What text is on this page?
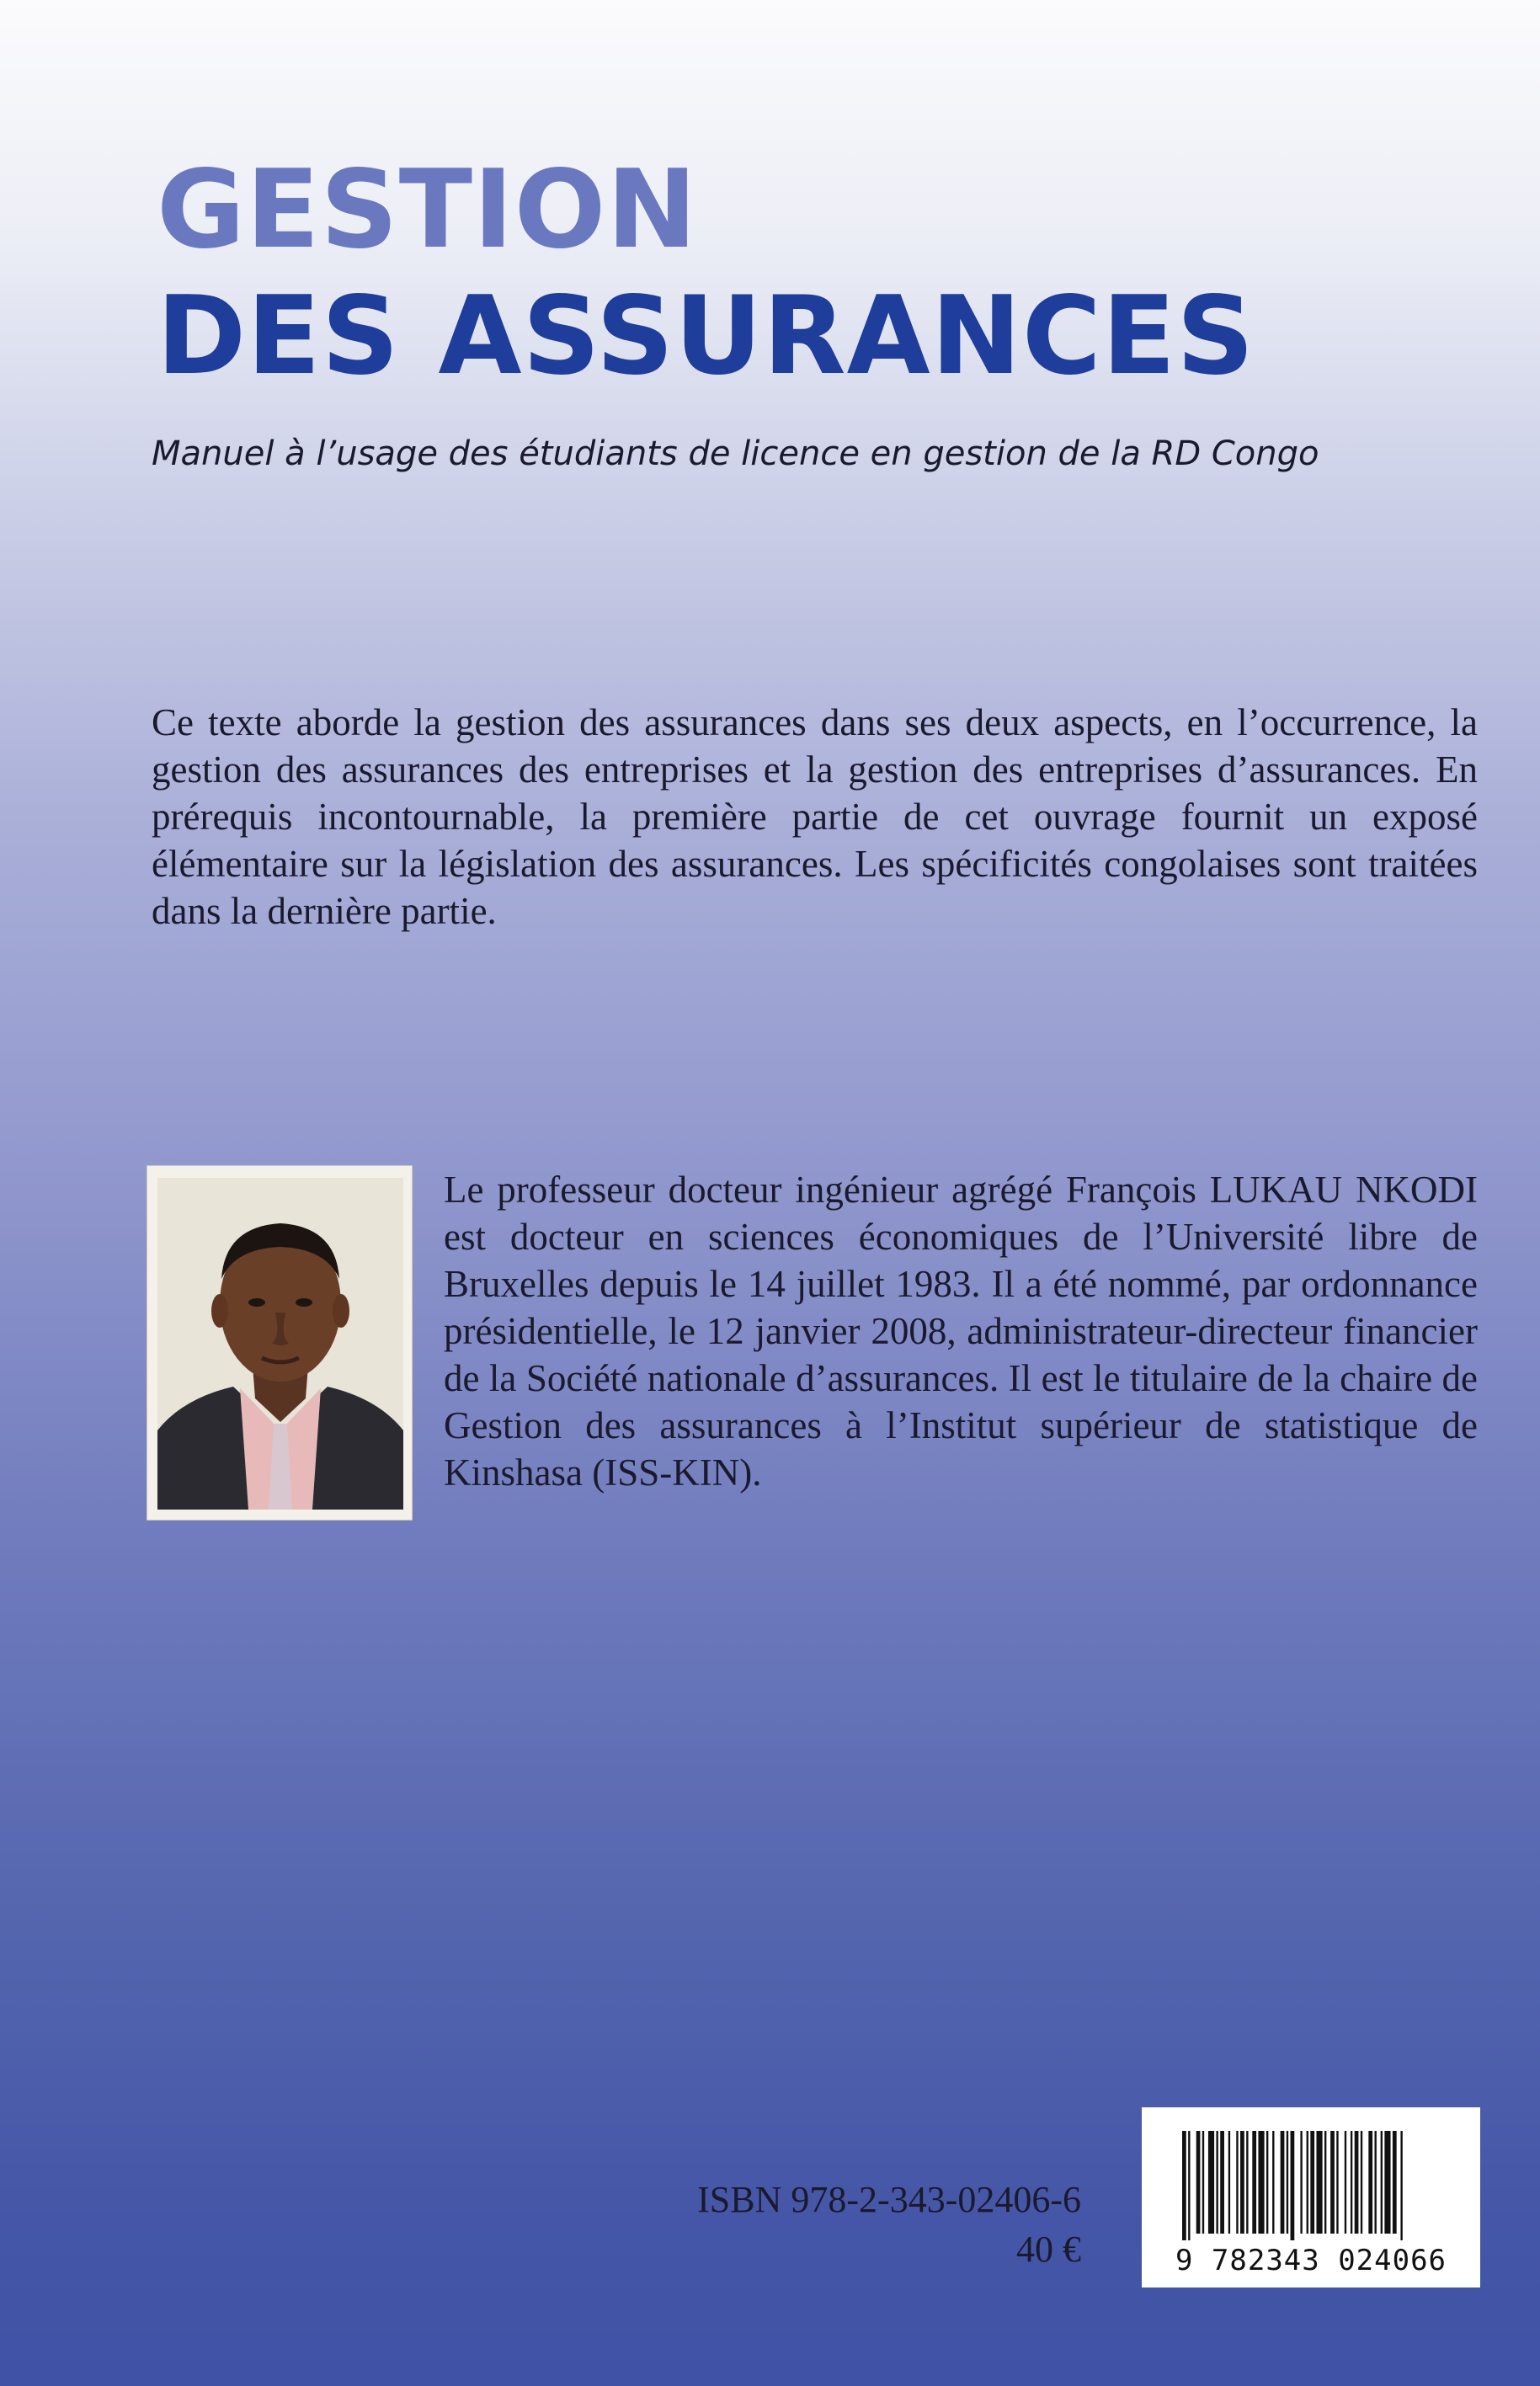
GESTION
DES ASSURANCES

Manuel à l’usage des étudiants de licence en gestion de la RD Congo

Ce texte aborde la gestion des assurances dans ses deux aspects, en l’occurrence, la gestion des assurances des entreprises et la gestion des entreprises d’assurances. En prérequis incontournable, la première partie de cet ouvrage fournit un exposé élémentaire sur la législation des assurances. Les spécificités congolaises sont traitées dans la dernière partie.

Le professeur docteur ingénieur agrégé François LUKAU NKODI est docteur en sciences économiques de l’Université libre de Bruxelles depuis le 14 juillet 1983. Il a été nommé, par ordonnance présidentielle, le 12 janvier 2008, administrateur-directeur financier de la Société nationale d’assurances. Il est le titulaire de la chaire de Gestion des assurances à l’Institut supérieur de statistique de Kinshasa (ISS-KIN).

ISBN 978-2-343-02406-6
40 €	9 782343 024066
